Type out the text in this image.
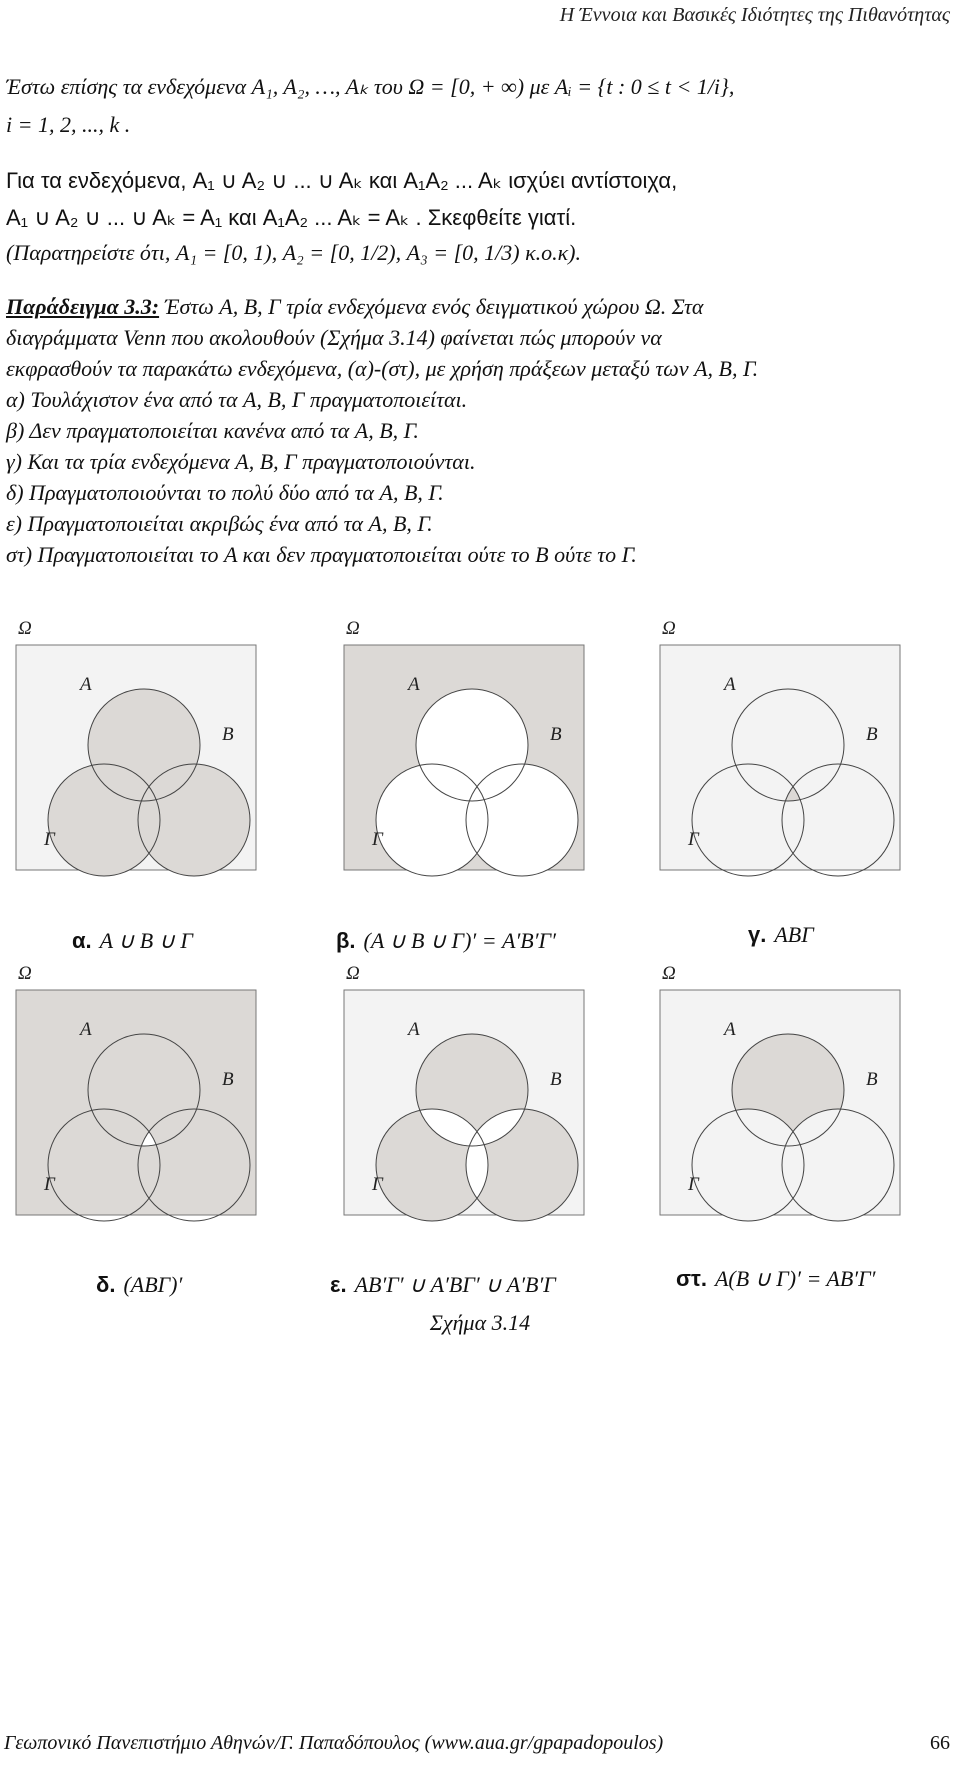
Η Έννοια και Βασικές Ιδιότητες της Πιθανότητας
Έστω επίσης τα ενδεχόμενα A₁, A₂, …, Aₖ του Ω = [0, + ∞) με Aᵢ = {t : 0 ≤ t < 1/i},
i = 1, 2, ..., k .
Για τα ενδεχόμενα, A₁ ∪ A₂ ∪ ... ∪ Aₖ και A₁A₂ ... Aₖ ισχύει αντίστοιχα,
A₁ ∪ A₂ ∪ ... ∪ Aₖ = A₁ και A₁A₂ ... Aₖ = Aₖ . Σκεφθείτε γιατί.
(Παρατηρείστε ότι, A₁ = [0, 1), A₂ = [0, 1/2), A₃ = [0, 1/3) κ.ο.κ).
Παράδειγμα 3.3: Έστω A, B, Γ τρία ενδεχόμενα ενός δειγματικού χώρου Ω. Στα
διαγράμματα Venn που ακολουθούν (Σχήμα 3.14) φαίνεται πώς μπορούν να
εκφρασθούν τα παρακάτω ενδεχόμενα, (α)-(στ), με χρήση πράξεων μεταξύ των A, B, Γ.
α) Τουλάχιστον ένα από τα A, B, Γ πραγματοποιείται.
β) Δεν πραγματοποιείται κανένα από τα A, B, Γ.
γ) Και τα τρία ενδεχόμενα A, B, Γ πραγματοποιούνται.
δ) Πραγματοποιούνται το πολύ δύο από τα A, B, Γ.
ε) Πραγματοποιείται ακριβώς ένα από τα A, B, Γ.
στ) Πραγματοποιείται το A και δεν πραγματοποιείται ούτε το B ούτε το Γ.
Ω
A
B
Γ
Ω
A
B
Γ
Ω
A
B
Γ
Ω
A
B
Γ
Ω
A
B
Γ
Ω
A
B
Γ
α. A ∪ B ∪ Γ	β. (A ∪ B ∪ Γ)′ = A′B′Γ′	γ. ABΓ
δ. (ABΓ)′	ε. AB′Γ′ ∪ A′BΓ′ ∪ A′B′Γ	στ. A(B ∪ Γ)′ = AB′Γ′
Σχήμα 3.14
Γεωπονικό Πανεπιστήμιο Αθηνών/Γ. Παπαδόπουλος (www.aua.gr/gpapadopoulos)	66
